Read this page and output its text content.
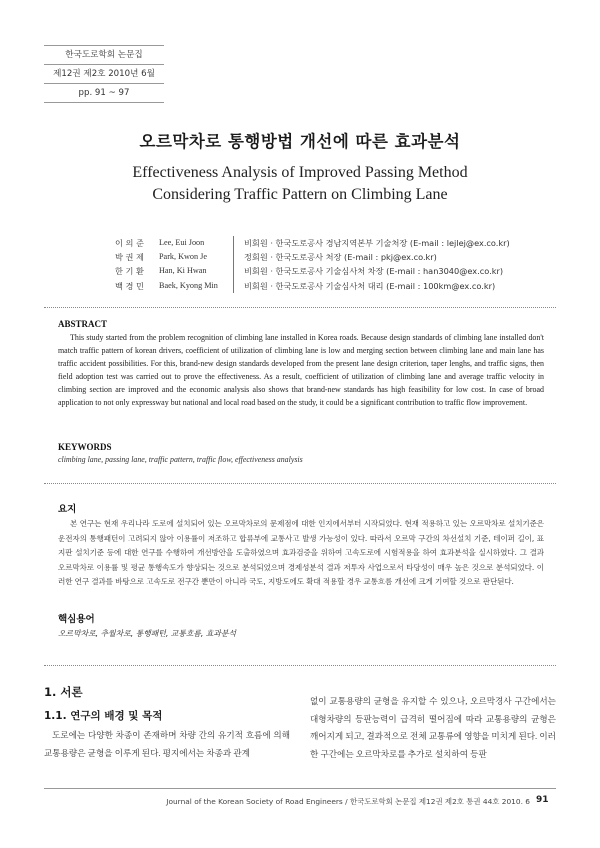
한국도로학회 논문집
제12권 제2호 2010년 6월
pp. 91 ~ 97
오르막차로 통행방법 개선에 따른 효과분석
Effectiveness Analysis of Improved Passing Method
Considering Traffic Pattern on Climbing Lane
이 의 준	Lee, Eui Joon	비회원 · 한국도로공사 경남지역본부 기술처장 (E-mail : lejlej@ex.co.kr)
박 권 제	Park, Kwon Je	정회원 · 한국도로공사 처장 (E-mail : pkj@ex.co.kr)
한 기 환	Han, Ki Hwan	비회원 · 한국도로공사 기술심사처 차장 (E-mail : han3040@ex.co.kr)
백 경 민	Baek, Kyong Min	비회원 · 한국도로공사 기술심사처 대리 (E-mail : 100km@ex.co.kr)
ABSTRACT
This study started from the problem recognition of climbing lane installed in Korea roads. Because design standards of climbing lane installed don't match traffic pattern of korean drivers, coefficient of utilization of climbing lane is low and merging section between climbing lane and main lane has traffic accident possibilities. For this, brand-new design standards developed from the present lane design criterion, taper lenghs, and traffic signs, then field adoption test was carried out to prove the effectiveness. As a result, coefficient of utilization of climbing lane and average traffic velocity in climbing section are improved and the economic analysis also shows that brand-new standards has high feasibility for low cost. In case of broad application to not only expressway but national and local road based on the study, it could be a significant contribution to traffic flow improvement.
KEYWORDS
climbing lane, passing lane, traffic pattern, traffic flow, effectiveness analysis
요지
본 연구는 현재 우리나라 도로에 설치되어 있는 오르막차로의 문제점에 대한 인지에서부터 시작되었다. 현재 적용하고 있는 오르막차로 설치기준은 운전자의 통행패턴이 고려되지 않아 이용률이 저조하고 합류부에 교통사고 발생 가능성이 있다. 따라서 오르막 구간의 차선설치 기준, 테이퍼 길이, 표지판 설치기준 등에 대한 연구를 수행하여 개선방안을 도출하였으며 효과검증을 위하여 고속도로에 시험적용을 하여 효과분석을 실시하였다. 그 결과 오르막차로 이용률 및 평균 통행속도가 향상되는 것으로 분석되었으며 경제성분석 결과 저투자 사업으로서 타당성이 매우 높은 것으로 분석되었다. 이러한 연구 결과를 바탕으로 고속도로 전구간 뿐만이 아니라 국도, 지방도에도 확대 적용할 경우 교통흐름 개선에 크게 기여할 것으로 판단된다.
핵심용어
오르막차로, 추월차로, 통행패턴, 교통흐름, 효과분석
1. 서론
1.1. 연구의 배경 및 목적
도로에는 다양한 차종이 존재하며 차량 간의 유기적 흐름에 의해 교통용량은 균형을 이루게 된다. 평지에서는 차종과 관계
없이 교통용량의 균형을 유지할 수 있으나, 오르막경사 구간에서는 대형차량의 등판능력이 급격히 떨어짐에 따라 교통용량의 균형은 깨어지게 되고, 결과적으로 전체 교통류에 영향을 미치게 된다. 이러한 구간에는 오르막차로를 추가로 설치하여 등판
Journal of the Korean Society of Road Engineers / 한국도로학회 논문집 제12권 제2호 통권 44호 2010. 6 91
